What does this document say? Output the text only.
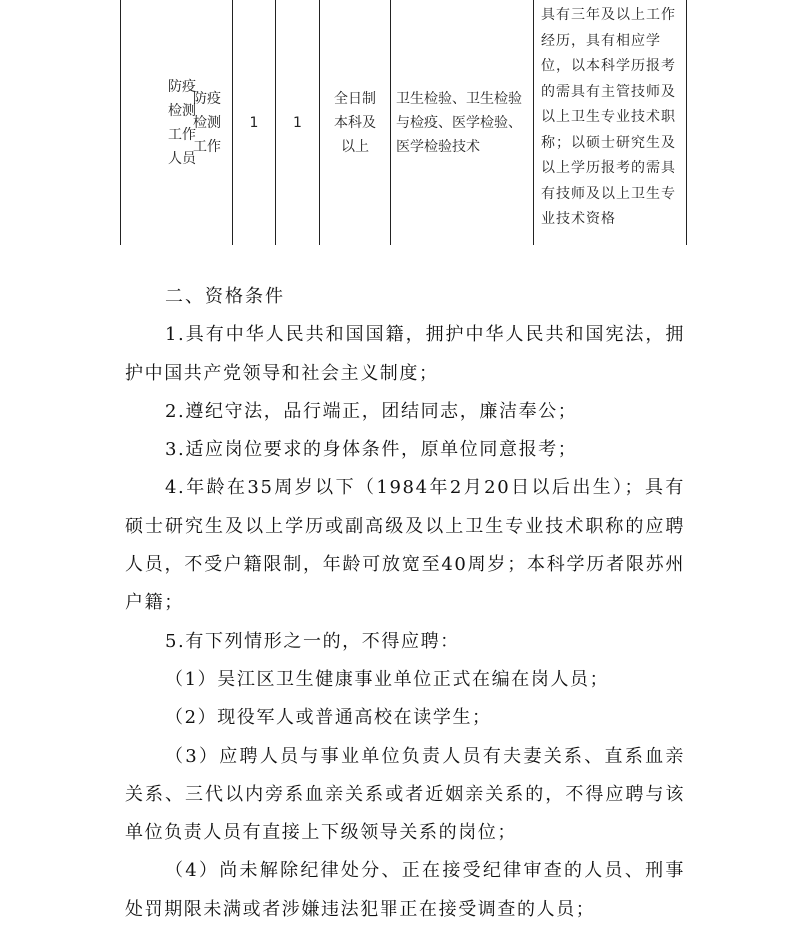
防疫检测工作人员
防疫检测工作
1 1
全日制本科及以上
卫生检验、卫生检验与检疫、医学检验、医学检验技术
具有三年及以上工作经历，具有相应学位，以本科学历报考的需具有主管技师及以上卫生专业技术职称；以硕士研究生及以上学历报考的需具有技师及以上卫生专业技术资格

二、资格条件

1.具有中华人民共和国国籍，拥护中华人民共和国宪法，拥护中国共产党领导和社会主义制度；

2.遵纪守法，品行端正，团结同志，廉洁奉公；

3.适应岗位要求的身体条件，原单位同意报考；

4.年龄在35周岁以下（1984年2月20日以后出生）；具有硕士研究生及以上学历或副高级及以上卫生专业技术职称的应聘人员，不受户籍限制，年龄可放宽至40周岁；本科学历者限苏州户籍；

5.有下列情形之一的，不得应聘：

（1）吴江区卫生健康事业单位正式在编在岗人员；

（2）现役军人或普通高校在读学生；

（3）应聘人员与事业单位负责人员有夫妻关系、直系血亲关系、三代以内旁系血亲关系或者近姻亲关系的，不得应聘与该单位负责人员有直接上下级领导关系的岗位；

（4）尚未解除纪律处分、正在接受纪律审查的人员、刑事处罚期限未满或者涉嫌违法犯罪正在接受调查的人员；
